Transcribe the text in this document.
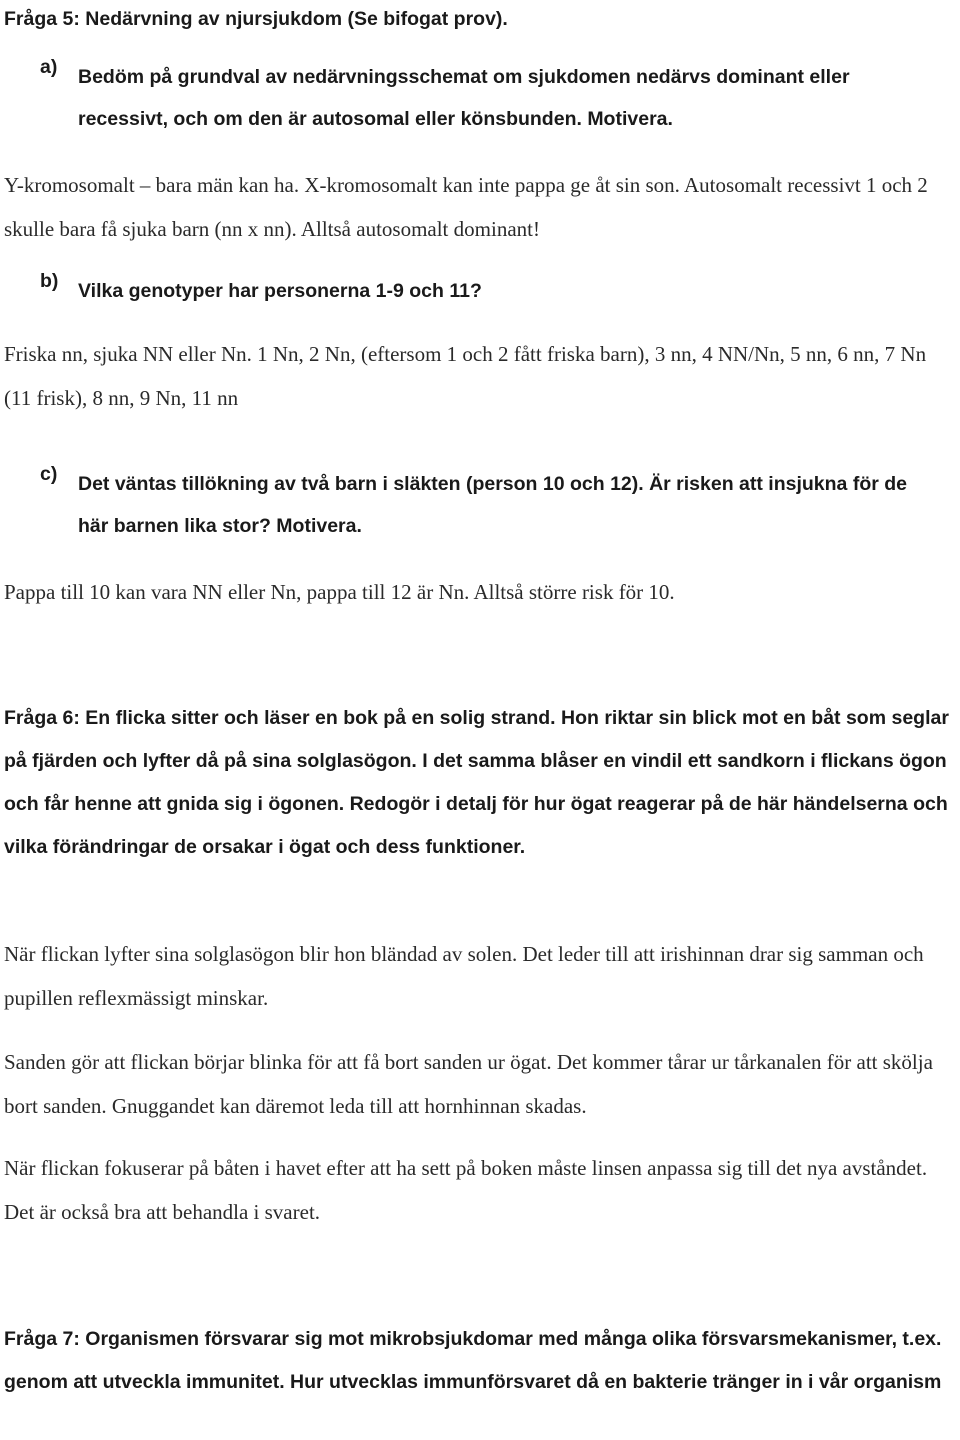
Fråga 5: Nedärvning av njursjukdom (Se bifogat prov).

a)	Bedöm på grundval av nedärvningsschemat om sjukdomen nedärvs dominant eller recessivt, och om den är autosomal eller könsbunden. Motivera.

Y-kromosomalt – bara män kan ha. X-kromosomalt kan inte pappa ge åt sin son. Autosomalt recessivt 1 och 2 skulle bara få sjuka barn (nn x nn). Alltså autosomalt dominant!

b)	Vilka genotyper har personerna 1-9 och 11?

Friska nn, sjuka NN eller Nn. 1 Nn, 2 Nn, (eftersom 1 och 2 fått friska barn), 3 nn, 4 NN/Nn, 5 nn, 6 nn, 7 Nn (11 frisk), 8 nn, 9 Nn, 11 nn

c)	Det väntas tillökning av två barn i släkten (person 10 och 12). Är risken att insjukna för de här barnen lika stor? Motivera.

Pappa till 10 kan vara NN eller Nn, pappa till 12 är Nn. Alltså större risk för 10.

Fråga 6: En flicka sitter och läser en bok på en solig strand. Hon riktar sin blick mot en båt som seglar på fjärden och lyfter då på sina solglasögon. I det samma blåser en vindil ett sandkorn i flickans ögon och får henne att gnida sig i ögonen. Redogör i detalj för hur ögat reagerar på de här händelserna och vilka förändringar de orsakar i ögat och dess funktioner.

När flickan lyfter sina solglasögon blir hon bländad av solen. Det leder till att irishinnan drar sig samman och pupillen reflexmässigt minskar.

Sanden gör att flickan börjar blinka för att få bort sanden ur ögat. Det kommer tårar ur tårkanalen för att skölja bort sanden. Gnuggandet kan däremot leda till att hornhinnan skadas.

När flickan fokuserar på båten i havet efter att ha sett på boken måste linsen anpassa sig till det nya avståndet. Det är också bra att behandla i svaret.

Fråga 7: Organismen försvarar sig mot mikrobsjukdomar med många olika försvarsmekanismer, t.ex. genom att utveckla immunitet. Hur utvecklas immunförsvaret då en bakterie tränger in i vår organism
